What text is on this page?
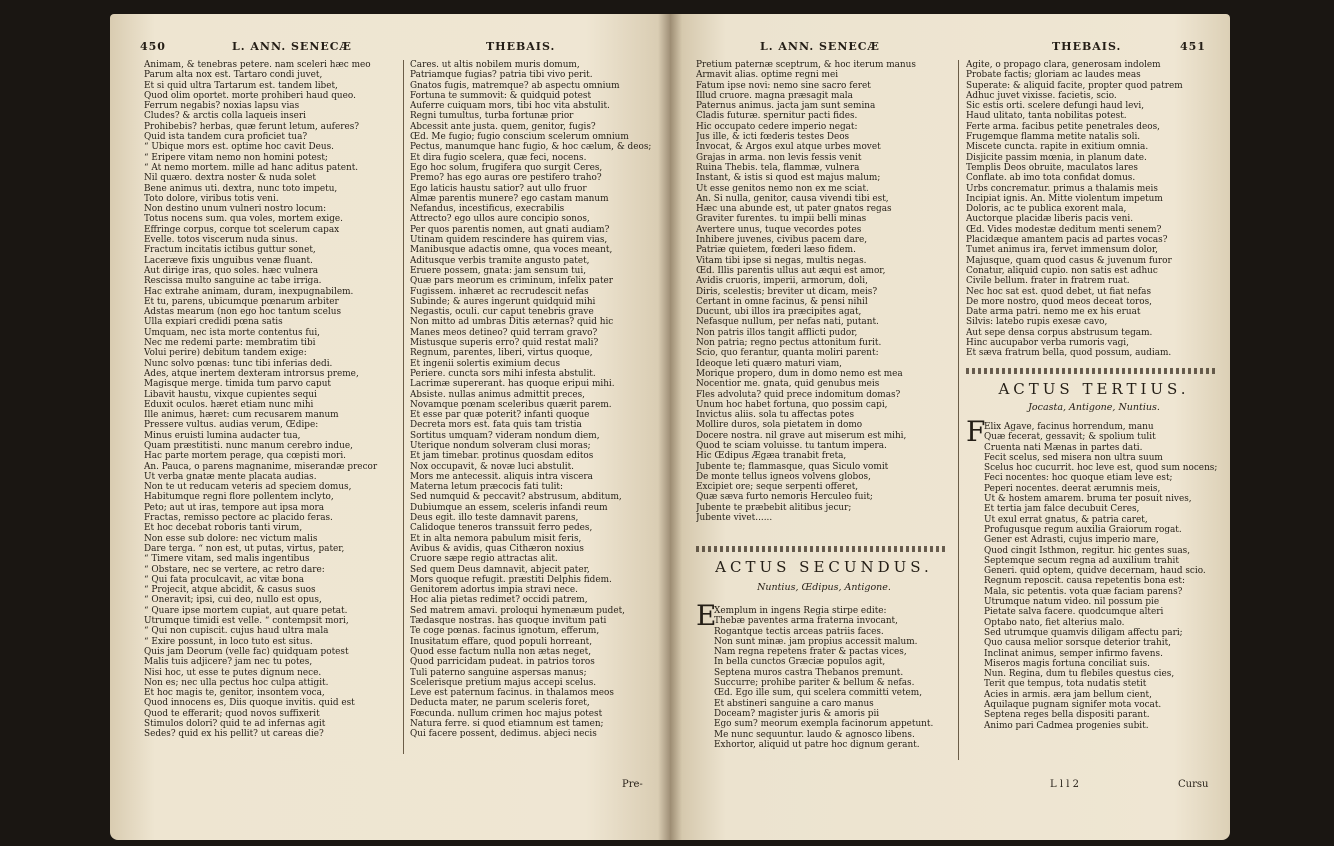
450	L. ANN. SENECÆ	THEBAIS.
Animam, & tenebras petere. nam sceleri hæc meo
Parum alta nox est. Tartaro condi juvet,
Et si quid ultra Tartarum est. tandem libet,
Quod olim oportet. morte prohiberi haud queo.
Ferrum negabis? noxias lapsu vias
Cludes? & arctis colla laqueis inseri
Prohibebis? herbas, quæ ferunt letum, auferes?
Quid ista tandem cura proficiet tua?
“ Ubique mors est. optime hoc cavit Deus.
“ Eripere vitam nemo non homini potest;
“ At nemo mortem. mille ad hanc aditus patent.
Nil quæro. dextra noster & nuda solet
Bene animus uti. dextra, nunc toto impetu,
Toto dolore, viribus totis veni.
Non destino unum vulneri nostro locum:
Totus nocens sum. qua voles, mortem exige.
Effringe corpus, corque tot scelerum capax
Evelle. totos viscerum nuda sinus.
Fractum incitatis ictibus guttur sonet,
Laceræve fixis unguibus venæ fluant.
Aut dirige iras, quo soles. hæc vulnera
Rescissa multo sanguine ac tabe irriga.
Hac extrahe animam, duram, inexpugnabilem.
Et tu, parens, ubicumque pœnarum arbiter
Adstas mearum (non ego hoc tantum scelus
Ulla expiari credidi pœna satis
Umquam, nec ista morte contentus fui,
Nec me redemi parte: membratim tibi
Volui perire) debitum tandem exige:
Nunc solvo pœnas: tunc tibi inferias dedi.
Ades, atque inertem dexteram introrsus preme,
Magisque merge. timida tum parvo caput
Libavit haustu, vixque cupientes sequi
Eduxit oculos. hæret etiam nunc mihi
Ille animus, hæret: cum recusarem manum
Pressere vultus. audias verum, Œdipe:
Minus eruisti lumina audacter tua,
Quam præstitisti. nunc manum cerebro indue,
Hac parte mortem perage, qua cœpisti mori.
An. Pauca, o parens magnanime, miserandæ precor
Ut verba gnatæ mente placata audias.
Non te ut reducam veteris ad speciem domus,
Habitumque regni flore pollentem inclyto,
Peto; aut ut iras, tempore aut ipsa mora
Fractas, remisso pectore ac placido feras.
Et hoc decebat roboris tanti virum,
Non esse sub dolore: nec victum malis
Dare terga. “ non est, ut putas, virtus, pater,
“ Timere vitam, sed malis ingentibus
“ Obstare, nec se vertere, ac retro dare:
“ Qui fata proculcavit, ac vitæ bona
“ Projecit, atque abcidit, & casus suos
“ Oneravit; ipsi, cui deo, nullo est opus,
“ Quare ipse mortem cupiat, aut quare petat.
Utrumque timidi est velle. “ contempsit mori,
“ Qui non cupiscit. cujus haud ultra mala
“ Exire possunt, in loco tuto est situs.
Quis jam Deorum (velle fac) quidquam potest
Malis tuis adjicere? jam nec tu potes,
Nisi hoc, ut esse te putes dignum nece.
Non es; nec ulla pectus hoc culpa attigit.
Et hoc magis te, genitor, insontem voca,
Quod innocens es, Diis quoque invitis. quid est
Quod te efferarit; quod novos suffixerit
Stimulos dolori? quid te ad infernas agit
Sedes? quid ex his pellit? ut careas die?
Cares. ut altis nobilem muris domum,
Patriamque fugias? patria tibi vivo perit.
Gnatos fugis, matremque? ab aspectu omnium
Fortuna te summovit: & quidquid potest
Auferre cuiquam mors, tibi hoc vita abstulit.
Regni tumultus, turba fortunæ prior
Abcessit ante justa. quem, genitor, fugis?
Œd. Me fugio; fugio conscium scelerum omnium
Pectus, manumque hanc fugio, & hoc cælum, & deos;
Et dira fugio scelera, quæ feci, nocens.
Ego hoc solum, frugifera quo surgit Ceres,
Premo? has ego auras ore pestifero traho?
Ego laticis haustu satior? aut ullo fruor
Almæ parentis munere? ego castam manum
Nefandus, incestificus, execrabilis
Attrecto? ego ullos aure concipio sonos,
Per quos parentis nomen, aut gnati audiam?
Utinam quidem rescindere has quirem vias,
Manibusque adactis omne, qua voces meant,
Aditusque verbis tramite angusto patet,
Eruere possem, gnata: jam sensum tui,
Quæ pars meorum es criminum, infelix pater
Fugissem. inhæret ac recrudescit nefas
Subinde; & aures ingerunt quidquid mihi
Negastis, oculi. cur caput tenebris grave
Non mitto ad umbras Ditis æternas? quid hic
Manes meos detineo? quid terram gravo?
Mistusque superis erro? quid restat mali?
Regnum, parentes, liberi, virtus quoque,
Et ingenii solertis eximium decus
Periere. cuncta sors mihi infesta abstulit.
Lacrimæ supererant. has quoque eripui mihi.
Absiste. nullas animus admittit preces,
Novamque pœnam sceleribus quærit parem.
Et esse par quæ poterit? infanti quoque
Decreta mors est. fata quis tam tristia
Sortitus umquam? videram nondum diem,
Uterique nondum solveram clusi moras;
Et jam timebar. protinus quosdam editos
Nox occupavit, & novæ luci abstulit.
Mors me antecessit. aliquis intra viscera
Materna letum præcocis fati tulit:
Sed numquid & peccavit? abstrusum, abditum,
Dubiumque an essem, sceleris infandi reum
Deus egit. illo teste damnavit parens,
Calidoque teneros transsuit ferro pedes,
Et in alta nemora pabulum misit feris,
Avibus & avidis, quas Cithæron noxius
Cruore sæpe regio attractas alit.
Sed quem Deus damnavit, abjecit pater,
Mors quoque refugit. præstiti Delphis fidem.
Genitorem adortus impia stravi nece.
Hoc alia pietas redimet? occidi patrem,
Sed matrem amavi. proloqui hymenæum pudet,
Tædasque nostras. has quoque invitum pati
Te coge pœnas. facinus ignotum, efferum,
Inusitatum effare, quod populi horreant,
Quod esse factum nulla non ætas neget,
Quod parricidam pudeat. in patrios toros
Tuli paterno sanguine aspersas manus;
Scelerisque pretium majus accepi scelus.
Leve est paternum facinus. in thalamos meos
Deducta mater, ne parum sceleris foret,
Fœcunda. nullum crimen hoc majus potest
Natura ferre. si quod etiamnum est tamen;
Qui facere possent, dedimus. abjeci necis
Pre-
L. ANN. SENECÆ	THEBAIS.	451
Pretium paternæ sceptrum, & hoc iterum manus
Armavit alias. optime regni mei
Fatum ipse novi: nemo sine sacro feret
Illud cruore. magna præsagit mala
Paternus animus. jacta jam sunt semina
Cladis futuræ. spernitur pacti fides.
Hic occupato cedere imperio negat:
Jus ille, & icti fœderis testes Deos
Invocat, & Argos exul atque urbes movet
Grajas in arma. non levis fessis venit
Ruina Thebis. tela, flammæ, vulnera
Instant, & istis si quod est majus malum;
Ut esse genitos nemo non ex me sciat.
An. Si nulla, genitor, causa vivendi tibi est,
Hæc una abunde est, ut pater gnatos regas
Graviter furentes. tu impii belli minas
Avertere unus, tuque vecordes potes
Inhibere juvenes, civibus pacem dare,
Patriæ quietem, fœderi læso fidem.
Vitam tibi ipse si negas, multis negas.
Œd. Illis parentis ullus aut æqui est amor,
Avidis cruoris, imperii, armorum, doli,
Diris, scelestis; breviter ut dicam, meis?
Certant in omne facinus, & pensi nihil
Ducunt, ubi illos ira præcipites agat,
Nefasque nullum, per nefas nati, putant.
Non patris illos tangit afflicti pudor,
Non patria; regno pectus attonitum furit.
Scio, quo ferantur, quanta moliri parent:
Ideoque leti quæro maturi viam,
Morique propero, dum in domo nemo est mea
Nocentior me. gnata, quid genubus meis
Fles advoluta? quid prece indomitum domas?
Unum hoc habet fortuna, quo possim capi,
Invictus aliis. sola tu affectas potes
Mollire duros, sola pietatem in domo
Docere nostra. nil grave aut miserum est mihi,
Quod te sciam voluisse. tu tantum impera.
Hic Œdipus Ægæa tranabit freta,
Jubente te; flammasque, quas Siculo vomit
De monte tellus igneos volvens globos,
Excipiet ore; seque serpenti offeret,
Quæ sæva furto nemoris Herculeo fuit;
Jubente te præbebit alitibus jecur;
Jubente vivet......
ACTUS SECUNDUS.
Nuntius, Œdipus, Antigone.
E
Xemplum in ingens Regia stirpe edite:
Thebæ paventes arma fraterna invocant,
Rogantque tectis arceas patriis faces.
Non sunt minæ. jam propius accessit malum.
Nam regna repetens frater & pactas vices,
In bella cunctos Græciæ populos agit,
Septena muros castra Thebanos premunt.
Succurre; prohibe pariter & bellum & nefas.
Œd. Ego ille sum, qui scelera committi vetem,
Et abstineri sanguine a caro manus
Doceam? magister juris & amoris pii
Ego sum? meorum exempla facinorum appetunt.
Me nunc sequuntur. laudo & agnosco libens.
Exhortor, aliquid ut patre hoc dignum gerant.
Agite, o propago clara, generosam indolem
Probate factis; gloriam ac laudes meas
Superate: & aliquid facite, propter quod patrem
Adhuc juvet vixisse. facietis, scio.
Sic estis orti. scelere defungi haud levi,
Haud ulitato, tanta nobilitas potest.
Ferte arma. facibus petite penetrales deos,
Frugemque flamma metite natalis soli.
Miscete cuncta. rapite in exitium omnia.
Disjicite passim mœnia, in planum date.
Templis Deos obruite, maculatos lares
Conflate. ab imo tota confidat domus.
Urbs concrematur. primus a thalamis meis
Incipiat ignis. An. Mitte violentum impetum
Doloris, ac te publica exorent mala,
Auctorque placidæ liberis pacis veni.
Œd. Vides modestæ deditum menti senem?
Placidæque amantem pacis ad partes vocas?
Tumet animus ira, fervet immensum dolor,
Majusque, quam quod casus & juvenum furor
Conatur, aliquid cupio. non satis est adhuc
Civile bellum. frater in fratrem ruat.
Nec hoc sat est. quod debet, ut fiat nefas
De more nostro, quod meos deceat toros,
Date arma patri. nemo me ex his eruat
Silvis: latebo rupis exesæ cavo,
Aut sepe densa corpus abstrusum tegam.
Hinc aucupabor verba rumoris vagi,
Et sæva fratrum bella, quod possum, audiam.
ACTUS TERTIUS.
Jocasta, Antigone, Nuntius.
F
Elix Agave, facinus horrendum, manu
Quæ fecerat, gessavit; & spolium tulit
Cruenta nati Mænas in partes dati.
Fecit scelus, sed misera non ultra suum
Scelus hoc cucurrit. hoc leve est, quod sum nocens;
Feci nocentes: hoc quoque etiam leve est;
Peperi nocentes. deerat ærumnis meis,
Ut & hostem amarem. bruma ter posuit nives,
Et tertia jam falce decubuit Ceres,
Ut exul errat gnatus, & patria caret,
Profugusque regum auxilia Graiorum rogat.
Gener est Adrasti, cujus imperio mare,
Quod cingit Isthmon, regitur. hic gentes suas,
Septemque secum regna ad auxilium trahit
Generi. quid optem, quidve decernam, haud scio.
Regnum reposcit. causa repetentis bona est:
Mala, sic petentis. vota quæ faciam parens?
Utrumque natum video. nil possum pie
Pietate salva facere. quodcumque alteri
Optabo nato, fiet alterius malo.
Sed utrumque quamvis diligam affectu pari;
Quo causa melior sorsque deterior trahit,
Inclinat animus, semper infirmo favens.
Miseros magis fortuna conciliat suis.
Nun. Regina, dum tu flebiles questus cies,
Terit que tempus, tota nudatis stetit
Acies in armis. æra jam bellum cient,
Aquilaque pugnam signifer mota vocat.
Septena reges bella dispositi parant.
Animo pari Cadmea progenies subit.
L l l 2	Cursu
